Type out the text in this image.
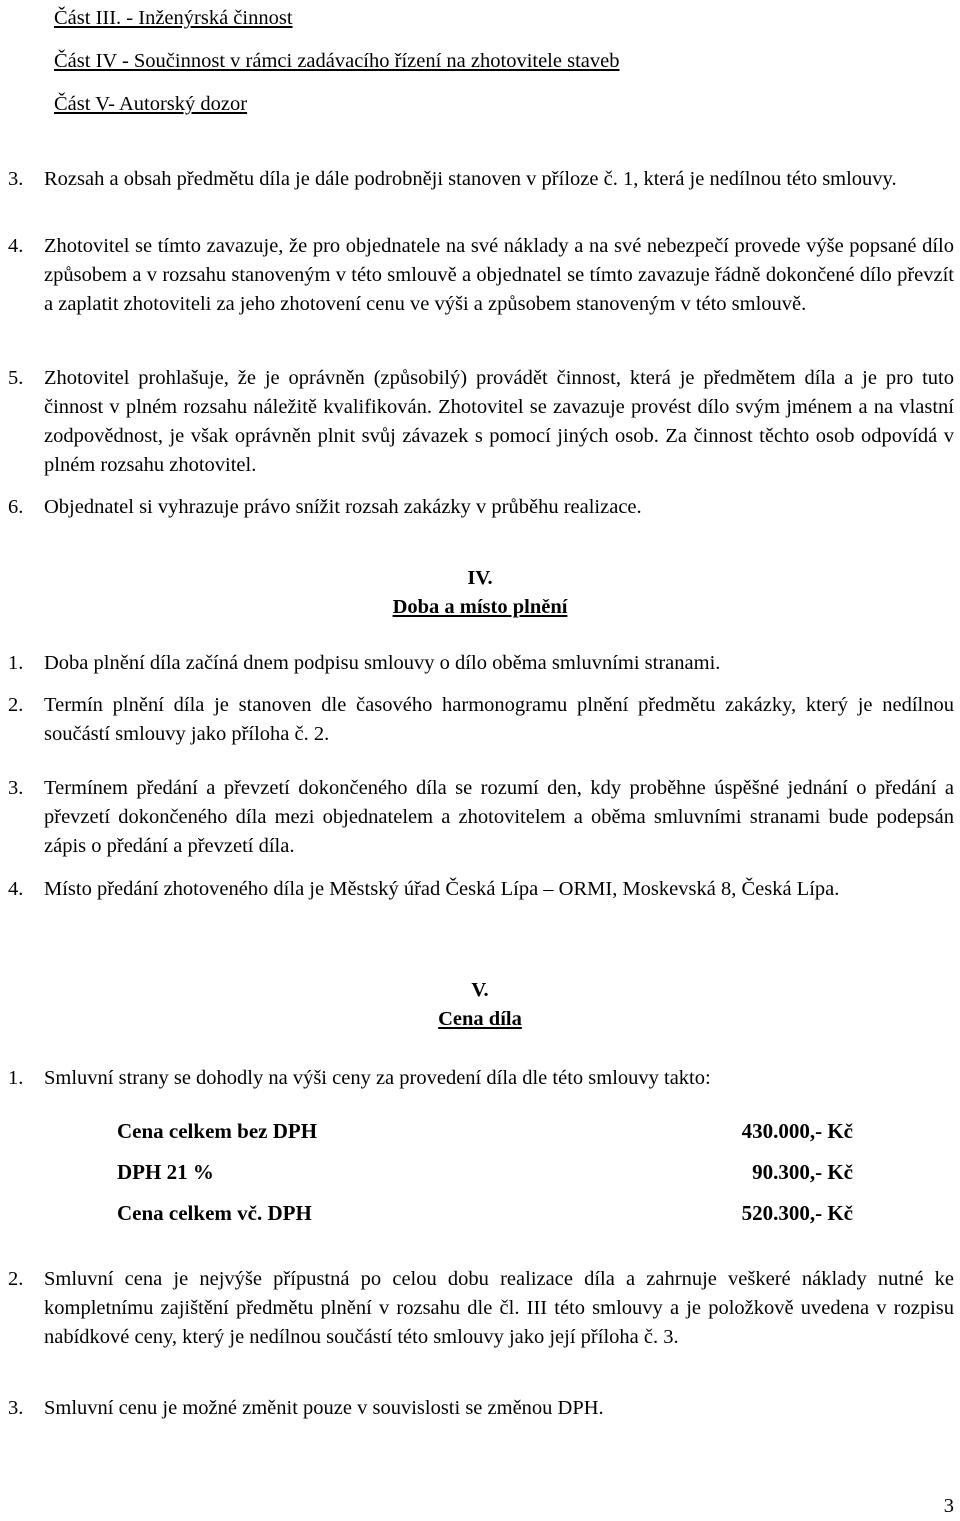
Část III. - Inženýrská činnost
Část IV - Součinnost v rámci zadávacího řízení na zhotovitele staveb
Část V- Autorský dozor
3.	Rozsah a obsah předmětu díla je dále podrobněji stanoven v příloze č. 1, která je nedílnou této smlouvy.
4.	Zhotovitel se tímto zavazuje, že pro objednatele na své náklady a na své nebezpečí provede výše popsané dílo způsobem a v rozsahu stanoveným v této smlouvě a objednatel se tímto zavazuje řádně dokončené dílo převzít a zaplatit zhotoviteli za jeho zhotovení cenu ve výši a způsobem stanoveným v této smlouvě.
5.	Zhotovitel prohlašuje, že je oprávněn (způsobilý) provádět činnost, která je předmětem díla a je pro tuto činnost v plném rozsahu náležitě kvalifikován. Zhotovitel se zavazuje provést dílo svým jménem a na vlastní zodpovědnost, je však oprávněn plnit svůj závazek s pomocí jiných osob. Za činnost těchto osob odpovídá v plném rozsahu zhotovitel.
6.	Objednatel si vyhrazuje právo snížit rozsah zakázky v průběhu realizace.
IV.
Doba a místo plnění
1.	Doba plnění díla začíná dnem podpisu smlouvy o dílo oběma smluvními stranami.
2.	Termín plnění díla je stanoven dle časového harmonogramu plnění předmětu zakázky, který je nedílnou součástí smlouvy jako příloha č. 2.
3.	Termínem předání a převzetí dokončeného díla se rozumí den, kdy proběhne úspěšné jednání o předání a převzetí dokončeného díla mezi objednatelem a zhotovitelem a oběma smluvními stranami bude podepsán zápis o předání a převzetí díla.
4.	Místo předání zhotoveného díla je Městský úřad Česká Lípa – ORMI, Moskevská 8, Česká Lípa.
V.
Cena díla
1.	Smluvní strany se dohodly na výši ceny za provedení díla dle této smlouvy takto:
Cena celkem bez DPH	430.000,- Kč
DPH 21 %	90.300,- Kč
Cena celkem vč. DPH	520.300,- Kč
2.	Smluvní cena je nejvýše přípustná po celou dobu realizace díla a zahrnuje veškeré náklady nutné ke kompletnímu zajištění předmětu plnění v rozsahu dle čl. III této smlouvy a je položkově uvedena v rozpisu nabídkové ceny, který je nedílnou součástí této smlouvy jako její příloha č. 3.
3.	Smluvní cenu je možné změnit pouze v souvislosti se změnou DPH.
3
